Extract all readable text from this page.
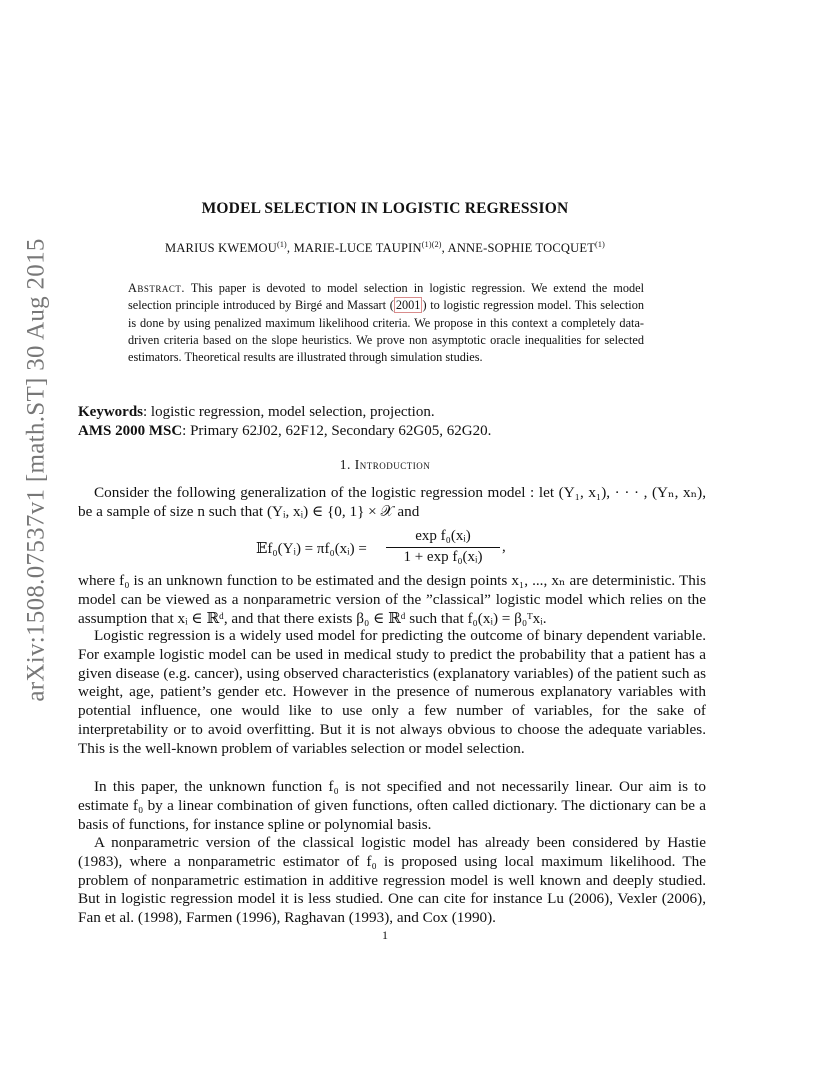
arXiv:1508.07537v1 [math.ST] 30 Aug 2015
MODEL SELECTION IN LOGISTIC REGRESSION
MARIUS KWEMOU$^{(1)}$, MARIE-LUCE $TAUPIN^{(1)(2)}$, ANNE-SOPHIE TOCQUET$^{(1)}$
Abstract. This paper is devoted to model selection in logistic regression. We extend the model selection principle introduced by Birgé and Massart ( 2001 ) to logistic regression model. This selection is done by using penalized maximum likelihood criteria. We propose in this context a completely data-driven criteria based on the slope heuristics. We prove non asymptotic oracle inequalities for selected estimators. Theoretical results are illustrated through simulation studies.
Keywords: logistic regression, model selection, projection.
AMS 2000 MSC: Primary 62J02, 62F12, Secondary 62G05, 62G20.
1. Introduction
Consider the following generalization of the logistic regression model : let (Y₁, x₁), · · · , (Yₙ, xₙ), be a sample of size n such that (Yᵢ, xᵢ) ∈ {0, 1} × 𝒳 and
𝔼f₀(Yᵢ) = πf₀(xᵢ) = $\frac{\text{exp f₀(xᵢ)}}{\text{1 + exp f₀(xᵢ)}}$ ,
where f₀ is an unknown function to be estimated and the design points x₁, ..., xₙ are deterministic. This model can be viewed as a nonparametric version of the ”classical” logistic model which relies on the assumption that xᵢ ∈ ℝᵈ, and that there exists β₀ ∈ ℝᵈ such that f₀(xᵢ) = β₀ᵀxᵢ.
Logistic regression is a widely used model for predicting the outcome of binary dependent variable. For example logistic model can be used in medical study to predict the probability that a patient has a given disease (e.g. cancer), using observed characteristics (explanatory variables) of the patient such as weight, age, patient’s gender etc. However in the presence of numerous explanatory variables with potential influence, one would like to use only a few number of variables, for the sake of interpretability or to avoid overfitting. But it is not always obvious to choose the adequate variables. This is the well-known problem of variables selection or model selection.
In this paper, the unknown function f₀ is not specified and not necessarily linear. Our aim is to estimate f₀ by a linear combination of given functions, often called dictionary. The dictionary can be a basis of functions, for instance spline or polynomial basis.
A nonparametric version of the classical logistic model has already been considered by Hastie (1983), where a nonparametric estimator of f₀ is proposed using local maximum likelihood. The problem of nonparametric estimation in additive regression model is well known and deeply studied. But in logistic regression model it is less studied. One can cite for instance Lu (2006), Vexler (2006), Fan et al. (1998), Farmen (1996), Raghavan (1993), and Cox (1990).
1
